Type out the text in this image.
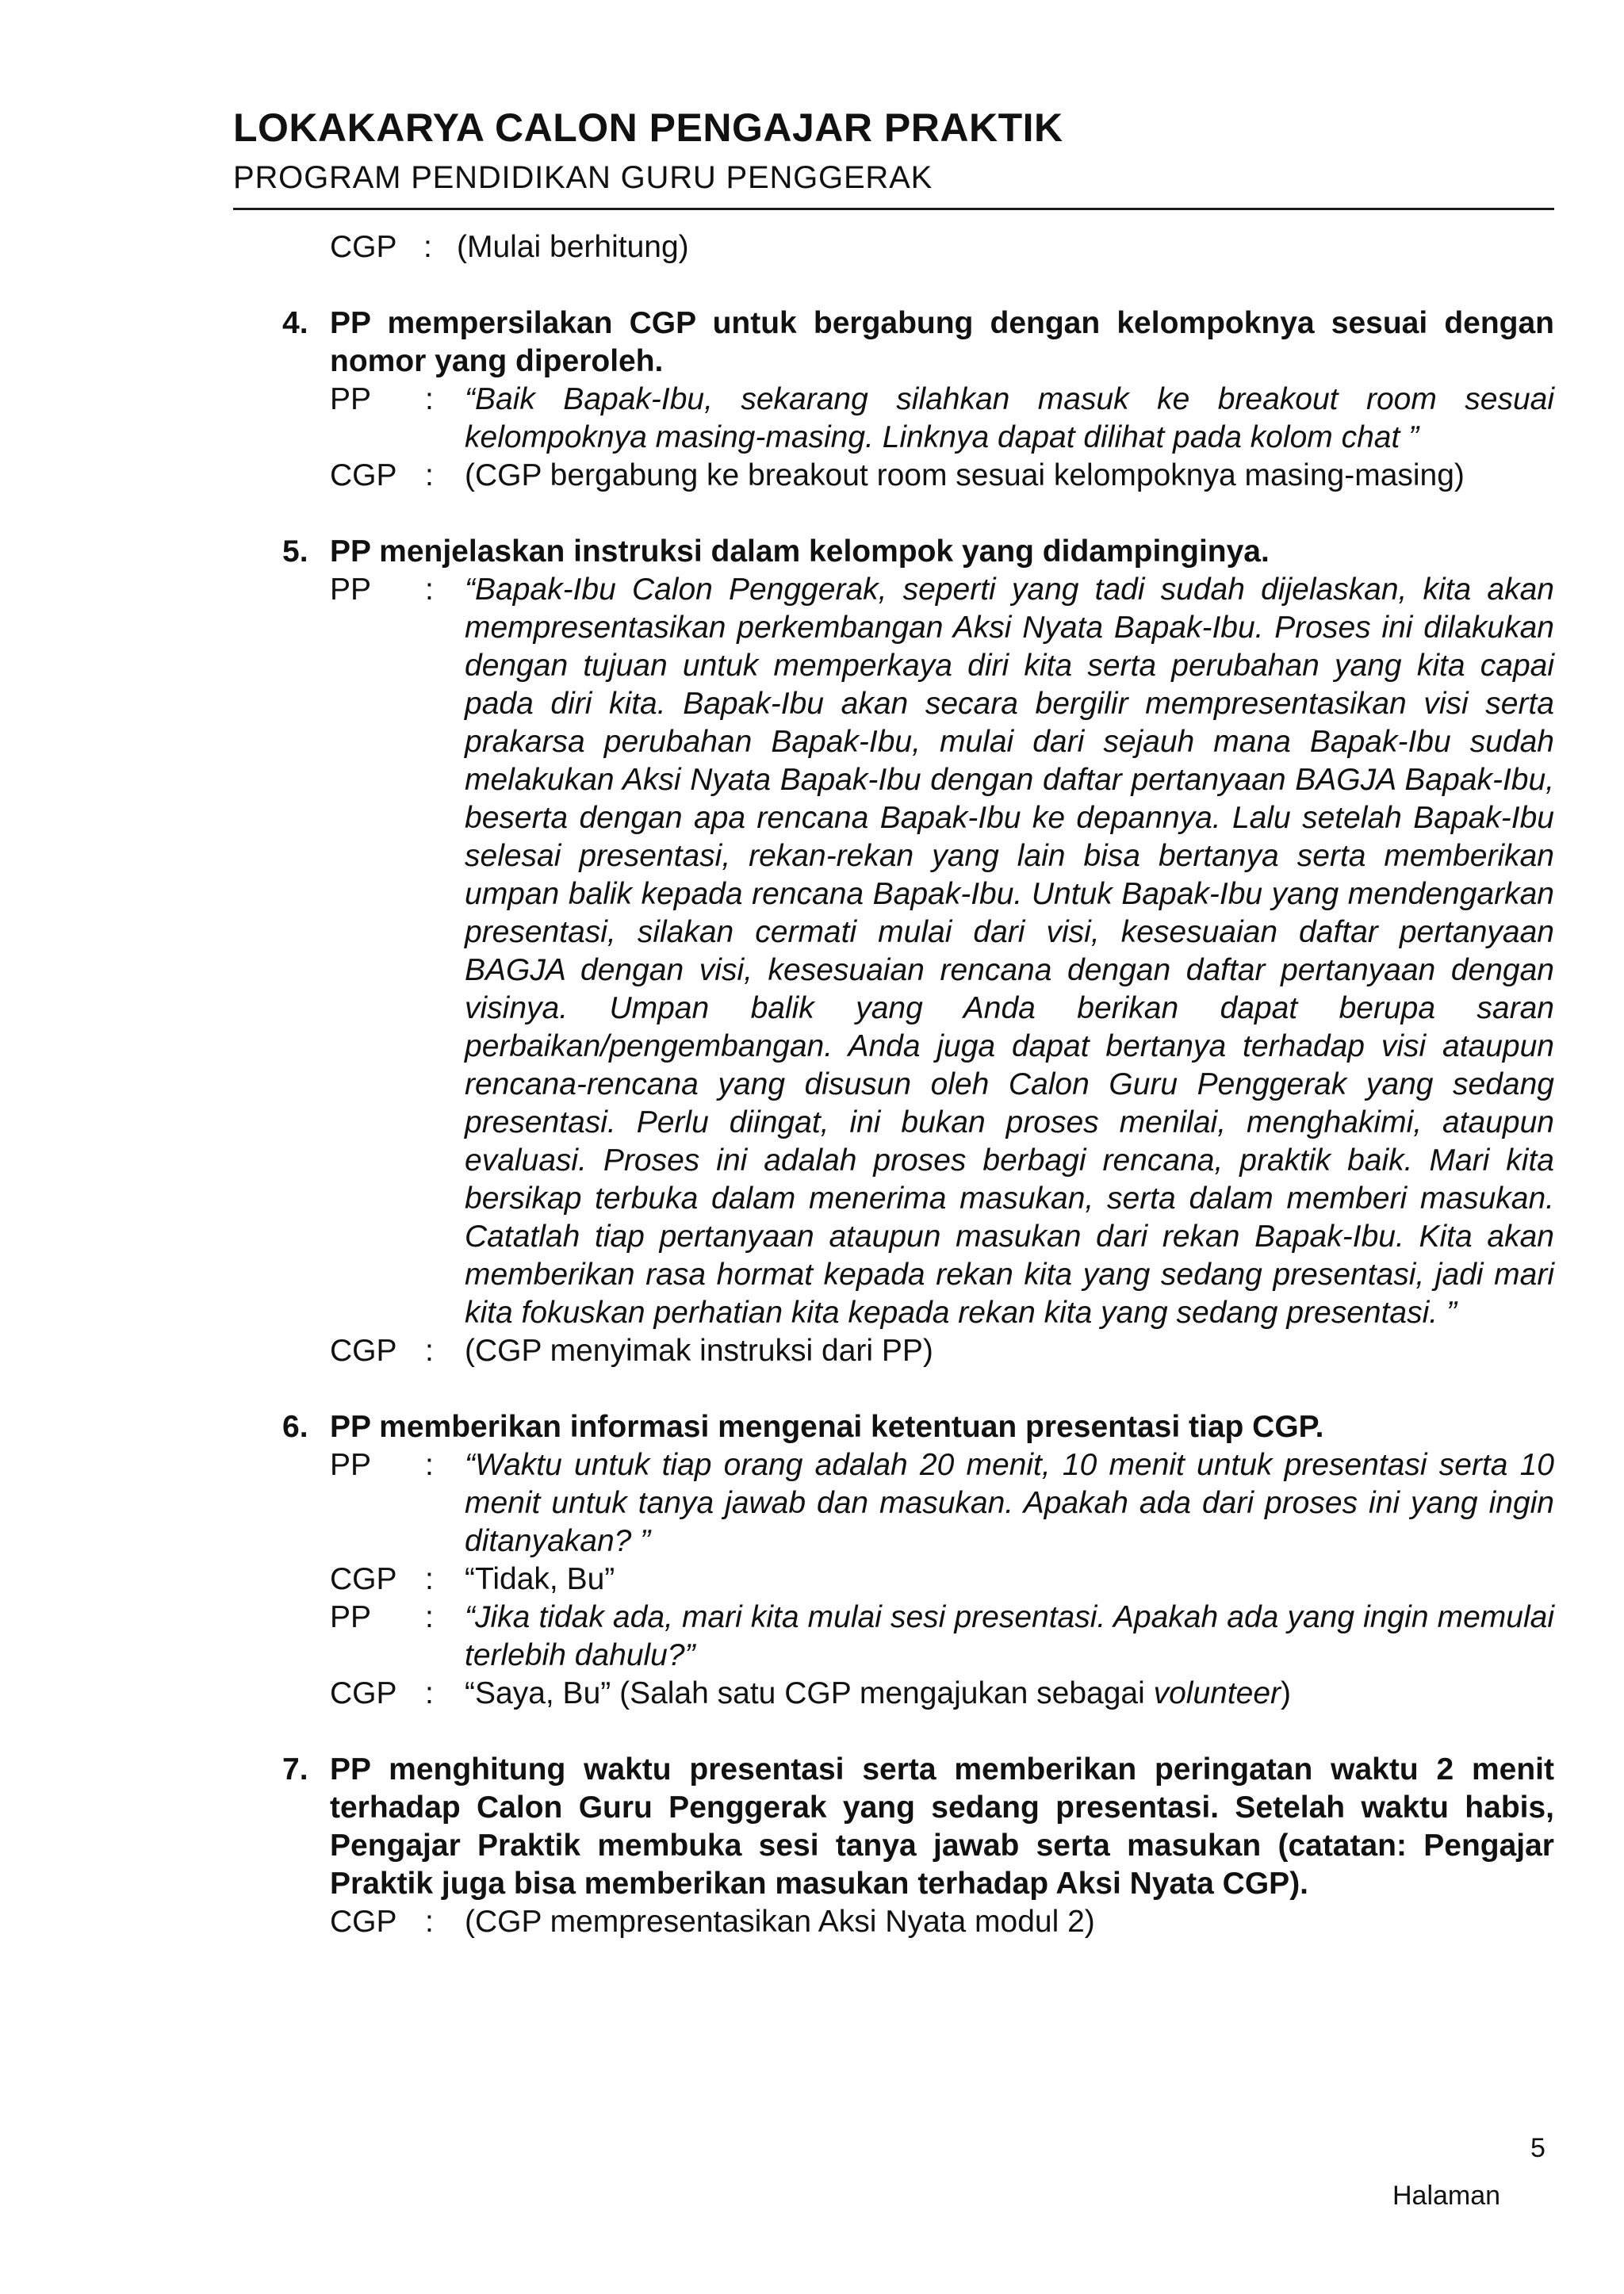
LOKAKARYA CALON PENGAJAR PRAKTIK
PROGRAM PENDIDIKAN GURU PENGGERAK
CGP : (Mulai berhitung)
4. PP mempersilakan CGP untuk bergabung dengan kelompoknya sesuai dengan nomor yang diperoleh.
PP	: “Baik Bapak-Ibu, sekarang silahkan masuk ke breakout room sesuai kelompoknya masing-masing. Linknya dapat dilihat pada kolom chat ”
CGP : (CGP bergabung ke breakout room sesuai kelompoknya masing-masing)
5. PP menjelaskan instruksi dalam kelompok yang didampinginya.
PP	: “Bapak-Ibu Calon Penggerak, seperti yang tadi sudah dijelaskan, kita akan mempresentasikan perkembangan Aksi Nyata Bapak-Ibu. Proses ini dilakukan dengan tujuan untuk memperkaya diri kita serta perubahan yang kita capai pada diri kita. Bapak-Ibu akan secara bergilir mempresentasikan visi serta prakarsa perubahan Bapak-Ibu, mulai dari sejauh mana Bapak-Ibu sudah melakukan Aksi Nyata Bapak-Ibu dengan daftar pertanyaan BAGJA Bapak-Ibu, beserta dengan apa rencana Bapak-Ibu ke depannya. Lalu setelah Bapak-Ibu selesai presentasi, rekan-rekan yang lain bisa bertanya serta memberikan umpan balik kepada rencana Bapak-Ibu. Untuk Bapak-Ibu yang mendengarkan presentasi, silakan cermati mulai dari visi, kesesuaian daftar pertanyaan BAGJA dengan visi, kesesuaian rencana dengan daftar pertanyaan dengan visinya. Umpan balik yang Anda berikan dapat berupa saran perbaikan/pengembangan. Anda juga dapat bertanya terhadap visi ataupun rencana-rencana yang disusun oleh Calon Guru Penggerak yang sedang presentasi. Perlu diingat, ini bukan proses menilai, menghakimi, ataupun evaluasi. Proses ini adalah proses berbagi rencana, praktik baik. Mari kita bersikap terbuka dalam menerima masukan, serta dalam memberi masukan. Catatlah tiap pertanyaan ataupun masukan dari rekan Bapak-Ibu. Kita akan memberikan rasa hormat kepada rekan kita yang sedang presentasi, jadi mari kita fokuskan perhatian kita kepada rekan kita yang sedang presentasi. ”
CGP : (CGP menyimak instruksi dari PP)
6. PP memberikan informasi mengenai ketentuan presentasi tiap CGP.
PP	: “Waktu untuk tiap orang adalah 20 menit, 10 menit untuk presentasi serta 10 menit untuk tanya jawab dan masukan. Apakah ada dari proses ini yang ingin ditanyakan? ”
CGP : “Tidak, Bu”
PP	: “Jika tidak ada, mari kita mulai sesi presentasi. Apakah ada yang ingin memulai terlebih dahulu?”
CGP : “Saya, Bu” (Salah satu CGP mengajukan sebagai volunteer)
7. PP menghitung waktu presentasi serta memberikan peringatan waktu 2 menit terhadap Calon Guru Penggerak yang sedang presentasi. Setelah waktu habis, Pengajar Praktik membuka sesi tanya jawab serta masukan (catatan: Pengajar Praktik juga bisa memberikan masukan terhadap Aksi Nyata CGP).
CGP : (CGP mempresentasikan Aksi Nyata modul 2)
5
Halaman
